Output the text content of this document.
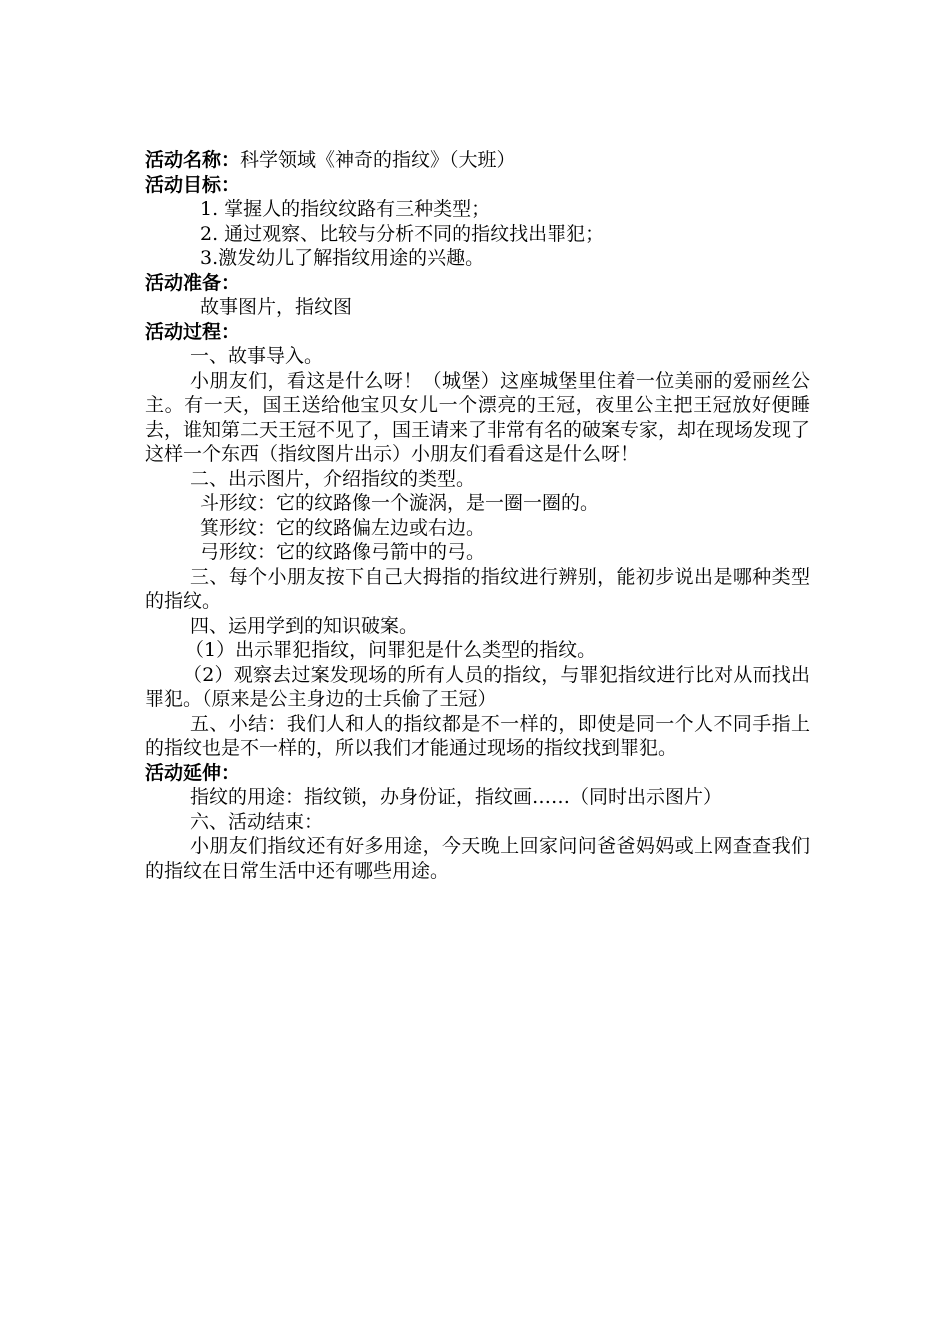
活动名称：科学领域《神奇的指纹》（大班）

活动目标：

1. 掌握人的指纹纹路有三种类型；

2. 通过观察、比较与分析不同的指纹找出罪犯；

3.激发幼儿了解指纹用途的兴趣。

活动准备：

故事图片，指纹图

活动过程：

一、故事导入。

小朋友们，看这是什么呀！（城堡）这座城堡里住着一位美丽的爱丽丝公主。有一天，国王送给他宝贝女儿一个漂亮的王冠，夜里公主把王冠放好便睡去，谁知第二天王冠不见了，国王请来了非常有名的破案专家，却在现场发现了这样一个东西（指纹图片出示）小朋友们看看这是什么呀！

二、出示图片，介绍指纹的类型。

斗形纹：它的纹路像一个漩涡，是一圈一圈的。

箕形纹：它的纹路偏左边或右边。

弓形纹：它的纹路像弓箭中的弓。

三、每个小朋友按下自己大拇指的指纹进行辨别，能初步说出是哪种类型的指纹。

四、运用学到的知识破案。

（1）出示罪犯指纹，问罪犯是什么类型的指纹。

（2）观察去过案发现场的所有人员的指纹，与罪犯指纹进行比对从而找出罪犯。（原来是公主身边的士兵偷了王冠）

五、小结：我们人和人的指纹都是不一样的，即使是同一个人不同手指上的指纹也是不一样的，所以我们才能通过现场的指纹找到罪犯。

活动延伸：

指纹的用途：指纹锁，办身份证，指纹画……（同时出示图片）

六、活动结束：

小朋友们指纹还有好多用途，今天晚上回家问问爸爸妈妈或上网查查我们的指纹在日常生活中还有哪些用途。
